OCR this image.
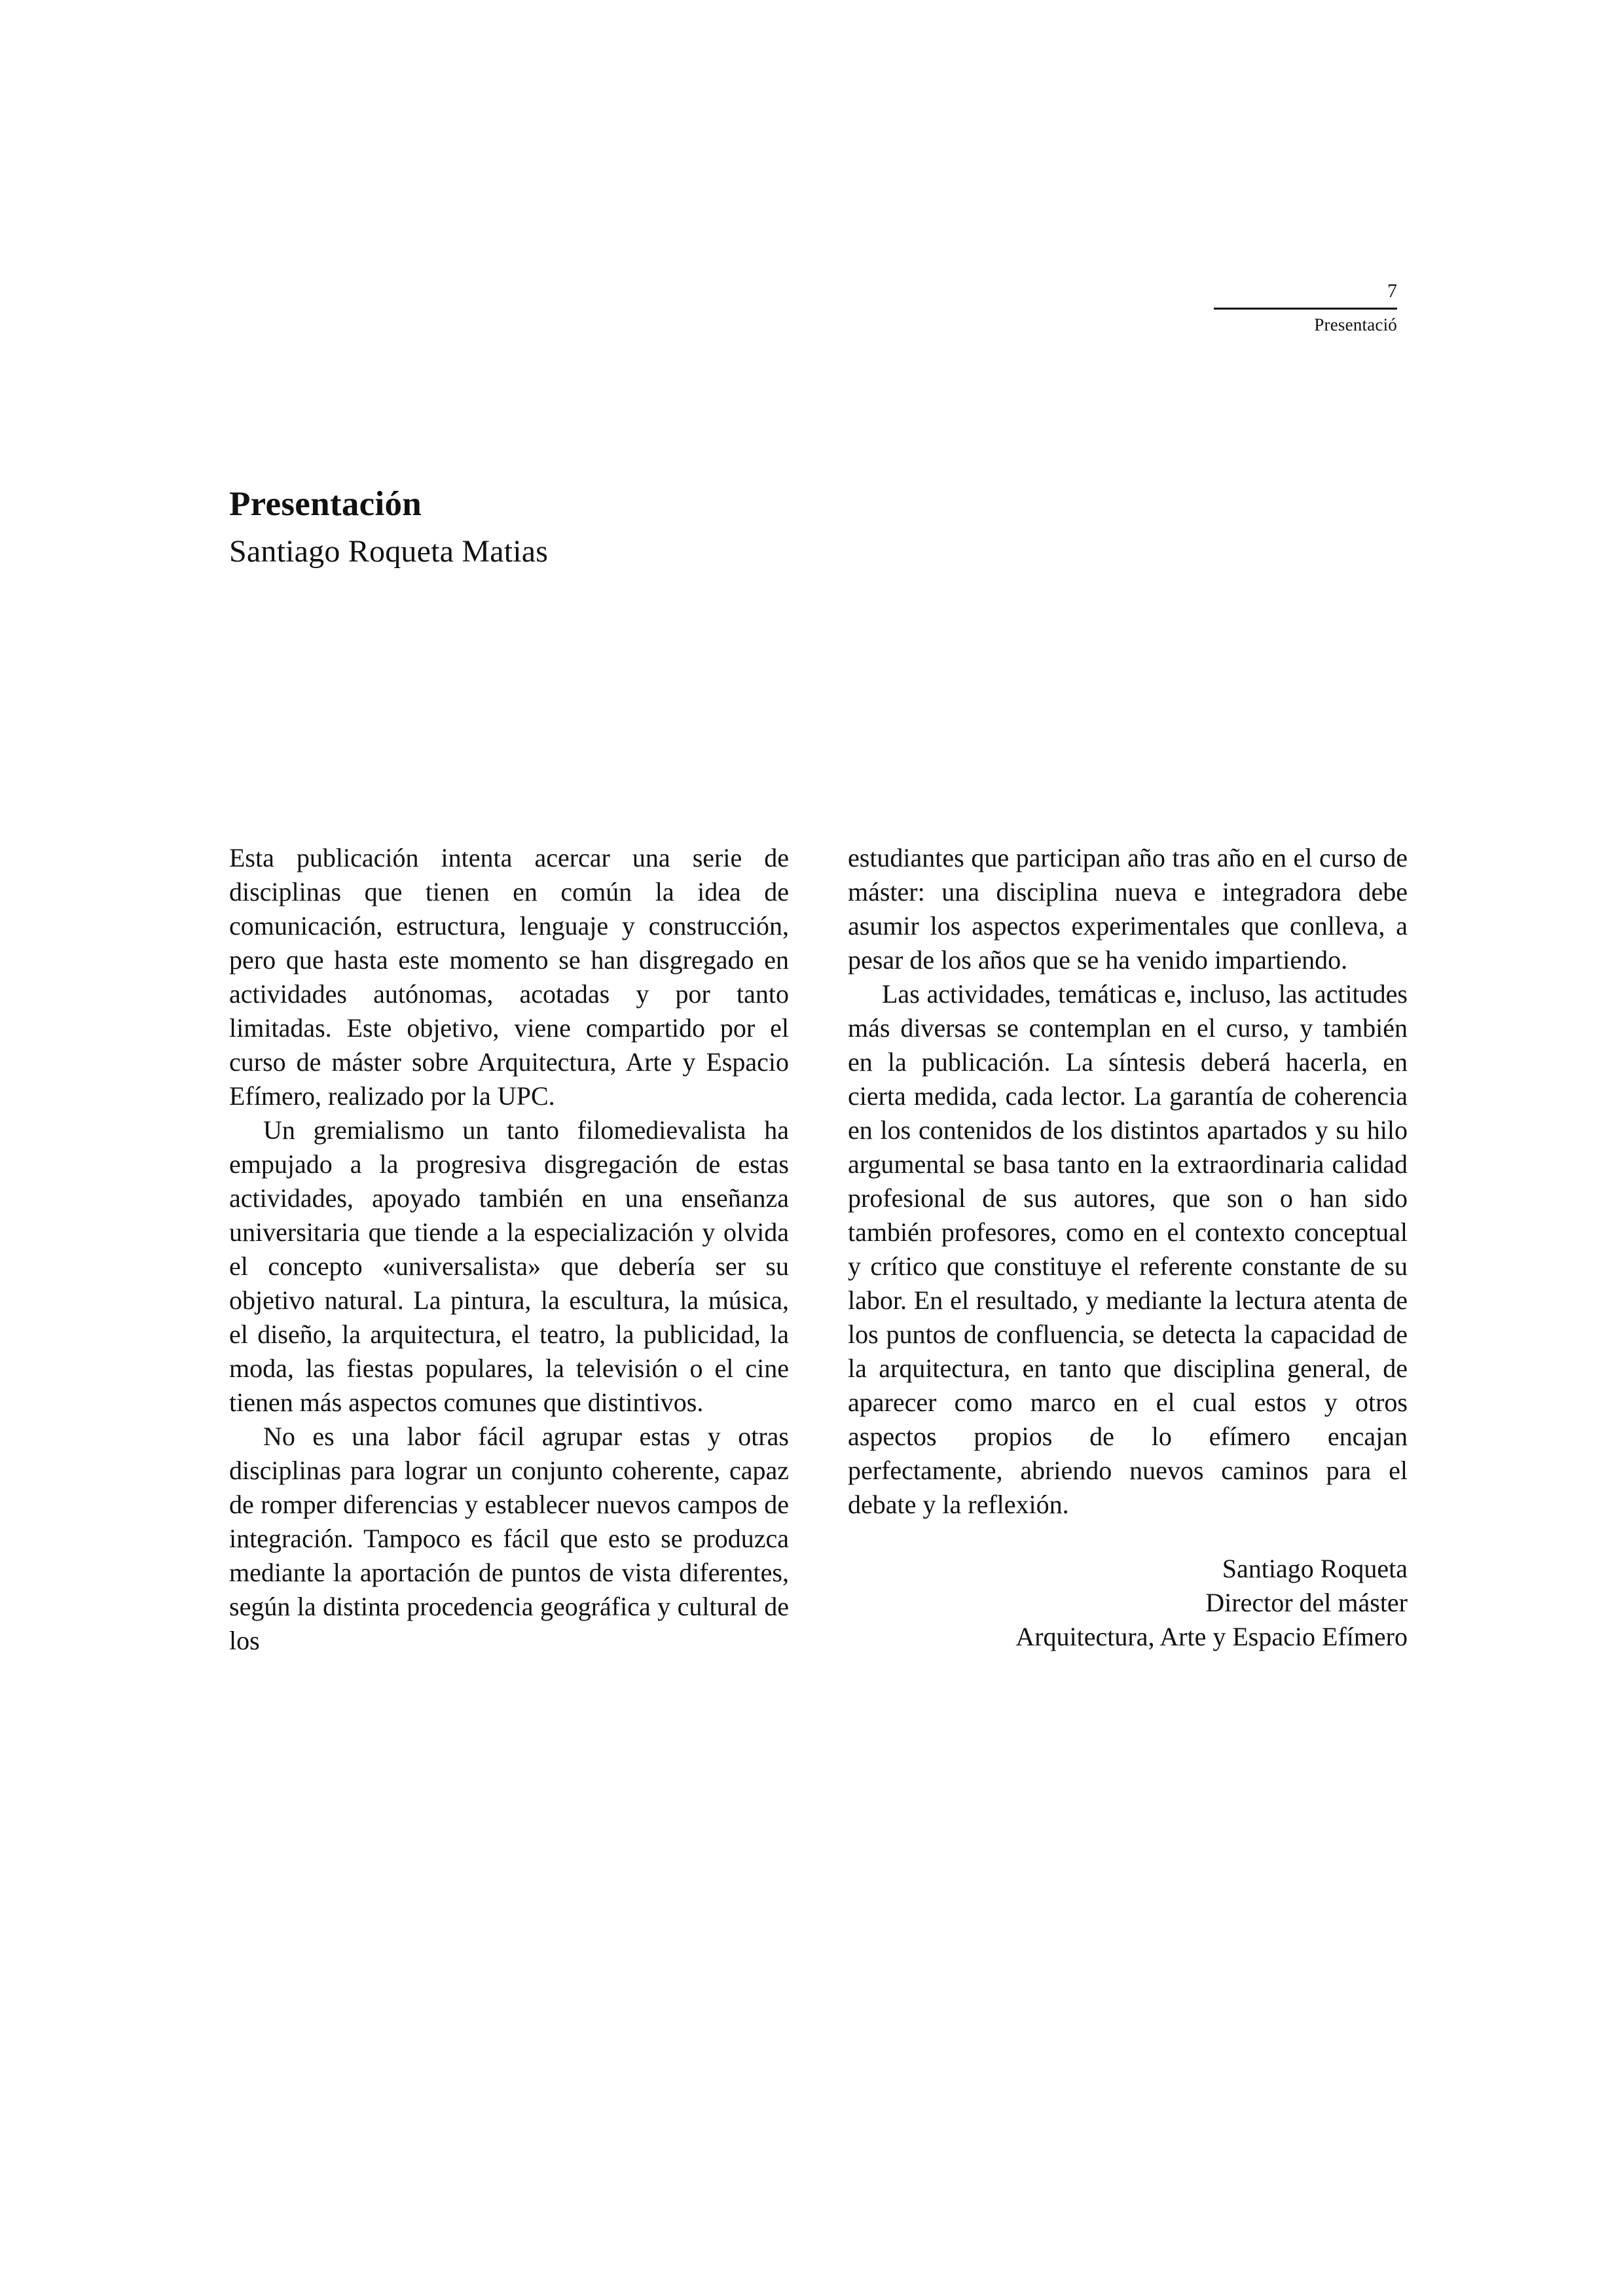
7
Presentació
Presentación
Santiago Roqueta Matias

Esta publicación intenta acercar una serie de disciplinas que tienen en común la idea de comunicación, estructura, lenguaje y construcción, pero que hasta este momento se han disgregado en actividades autónomas, acotadas y por tanto limitadas. Este objetivo, viene compartido por el curso de máster sobre Arquitectura, Arte y Espacio Efímero, realizado por la UPC.

Un gremialismo un tanto filomedievalista ha empujado a la progresiva disgregación de estas actividades, apoyado también en una enseñanza universitaria que tiende a la especialización y olvida el concepto «universalista» que debería ser su objetivo natural. La pintura, la escultura, la música, el diseño, la arquitectura, el teatro, la publicidad, la moda, las fiestas populares, la televisión o el cine tienen más aspectos comunes que distintivos.

No es una labor fácil agrupar estas y otras disciplinas para lograr un conjunto coherente, capaz de romper diferencias y establecer nuevos campos de integración. Tampoco es fácil que esto se produzca mediante la aportación de puntos de vista diferentes, según la distinta procedencia geográfica y cultural de los

estudiantes que participan año tras año en el curso de máster: una disciplina nueva e integradora debe asumir los aspectos experimentales que conlleva, a pesar de los años que se ha venido impartiendo.

Las actividades, temáticas e, incluso, las actitudes más diversas se contemplan en el curso, y también en la publicación. La síntesis deberá hacerla, en cierta medida, cada lector. La garantía de coherencia en los contenidos de los distintos apartados y su hilo argumental se basa tanto en la extraordinaria calidad profesional de sus autores, que son o han sido también profesores, como en el contexto conceptual y crítico que constituye el referente constante de su labor. En el resultado, y mediante la lectura atenta de los puntos de confluencia, se detecta la capacidad de la arquitectura, en tanto que disciplina general, de aparecer como marco en el cual estos y otros aspectos propios de lo efímero encajan perfectamente, abriendo nuevos caminos para el debate y la reflexión.

Santiago Roqueta
Director del máster
Arquitectura, Arte y Espacio Efímero
